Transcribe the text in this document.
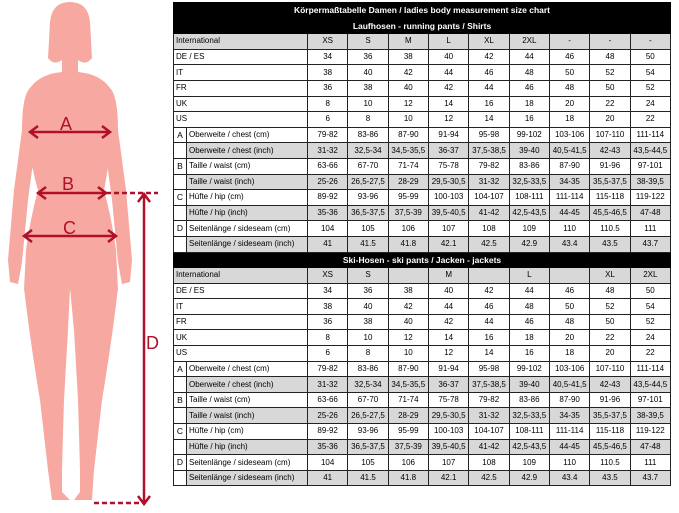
A
B
C
D
Körpermaßtabelle Damen / ladies body measurement size chart										
Laufhosen - running pants / Shirts										
International		XS	S	M	L	XL	2XL	-	-	-
DE / ES		34	36	38	40	42	44	46	48	50
IT		38	40	42	44	46	48	50	52	54
FR		36	38	40	42	44	46	48	50	52
UK		8	10	12	14	16	18	20	22	24
US		6	8	10	12	14	16	18	20	22
A	Oberweite / chest (cm)	79-82	83-86	87-90	91-94	95-98	99-102	103-106	107-110	111-114
	Oberweite / chest (inch)	31-32	32,5-34	34,5-35,5	36-37	37,5-38,5	39-40	40,5-41,5	42-43	43,5-44,5
B	Taille / waist (cm)	63-66	67-70	71-74	75-78	79-82	83-86	87-90	91-96	97-101
	Taille / waist (inch)	25-26	26,5-27,5	28-29	29,5-30,5	31-32	32,5-33,5	34-35	35,5-37,5	38-39,5
C	Hüfte / hip (cm)	89-92	93-96	95-99	100-103	104-107	108-111	111-114	115-118	119-122
	Hüfte / hip (inch)	35-36	36,5-37,5	37,5-39	39,5-40,5	41-42	42,5-43,5	44-45	45,5-46,5	47-48
D	Seitenlänge / sideseam (cm)	104	105	106	107	108	109	110	110.5	111
	Seitenlänge / sideseam (inch)	41	41.5	41.8	42.1	42.5	42.9	43.4	43.5	43.7
Ski-Hosen - ski pants / Jacken - jackets										
International		XS	S		M		L		XL	2XL
DE / ES		34	36	38	40	42	44	46	48	50
IT		38	40	42	44	46	48	50	52	54
FR		36	38	40	42	44	46	48	50	52
UK		8	10	12	14	16	18	20	22	24
US		6	8	10	12	14	16	18	20	22
A	Oberweite / chest (cm)	79-82	83-86	87-90	91-94	95-98	99-102	103-106	107-110	111-114
	Oberweite / chest (inch)	31-32	32,5-34	34,5-35,5	36-37	37,5-38,5	39-40	40,5-41,5	42-43	43,5-44,5
B	Taille / waist (cm)	63-66	67-70	71-74	75-78	79-82	83-86	87-90	91-96	97-101
	Taille / waist (inch)	25-26	26,5-27,5	28-29	29,5-30,5	31-32	32,5-33,5	34-35	35,5-37,5	38-39,5
C	Hüfte / hip (cm)	89-92	93-96	95-99	100-103	104-107	108-111	111-114	115-118	119-122
	Hüfte / hip (inch)	35-36	36,5-37,5	37,5-39	39,5-40,5	41-42	42,5-43,5	44-45	45,5-46,5	47-48
D	Seitenlänge / sideseam (cm)	104	105	106	107	108	109	110	110.5	111
	Seitenlänge / sideseam (inch)	41	41.5	41.8	42.1	42.5	42.9	43.4	43.5	43.7
